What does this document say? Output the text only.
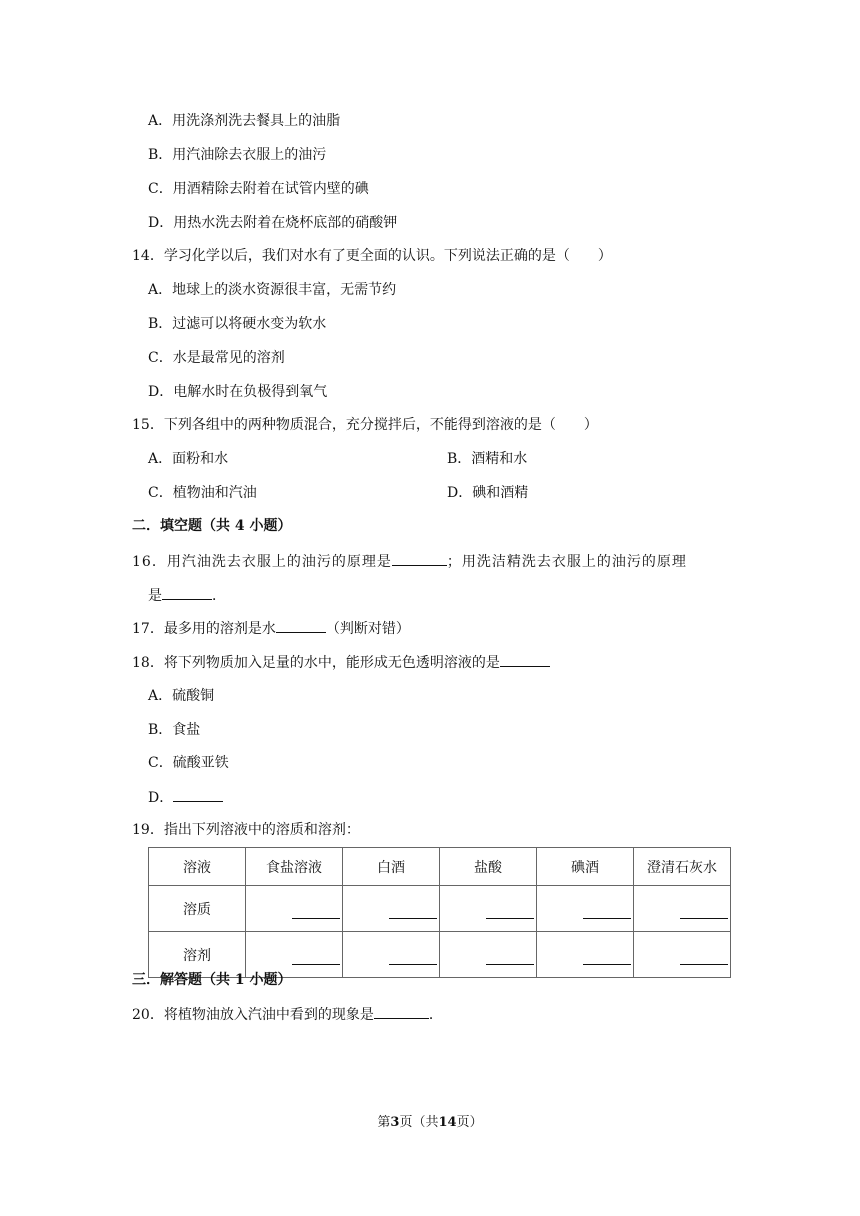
A．用洗涤剂洗去餐具上的油脂
B．用汽油除去衣服上的油污
C．用酒精除去附着在试管内壁的碘
D．用热水洗去附着在烧杯底部的硝酸钾
14．学习化学以后，我们对水有了更全面的认识。下列说法正确的是（　　）
A．地球上的淡水资源很丰富，无需节约
B．过滤可以将硬水变为软水
C．水是最常见的溶剂
D．电解水时在负极得到氧气
15．下列各组中的两种物质混合，充分搅拌后，不能得到溶液的是（　　）
A．面粉和水	B．酒精和水
C．植物油和汽油	D．碘和酒精
二．填空题（共 4 小题）
16．用汽油洗去衣服上的油污的原理是	；用洗洁精洗去衣服上的油污的原理
是	．
17．最多用的溶剂是水	（判断对错）
18．将下列物质加入足量的水中，能形成无色透明溶液的是
A．硫酸铜
B．食盐
C．硫酸亚铁
D．
19．指出下列溶液中的溶质和溶剂：
溶液	食盐溶液	白酒	盐酸	碘酒	澄清石灰水
溶质					
溶剂					
三．解答题（共 1 小题）
20．将植物油放入汽油中看到的现象是	．
第3页（共14页）
